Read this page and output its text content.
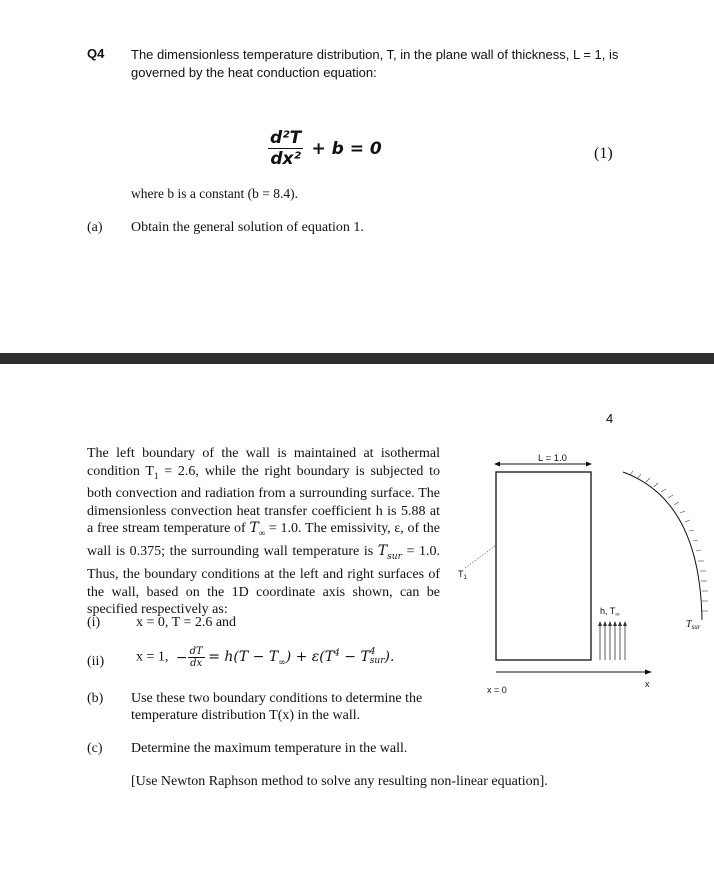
Q4 The dimensionless temperature distribution, T, in the plane wall of thickness, L = 1, is governed by the heat conduction equation:
$\frac{\text{d²T}}{\text{dx²}} + b = 0$	(1)
where b is a constant (b = 8.4).
(a) Obtain the general solution of equation 1.
4
The left boundary of the wall is maintained at isothermal condition $T_1 = 2.6$, while the right boundary is subjected to both convection and radiation from a surrounding surface. The dimensionless convection heat transfer coefficient h is 5.88 at a free stream temperature of $T_\infty = 1.0$. The emissivity, ε, of the wall is 0.375; the surrounding wall temperature is $T_{sur} = 1.0$. Thus, the boundary conditions at the left and right surfaces of the wall, based on the 1D coordinate axis shown, can be specified respectively as:
(i)	x = 0, T = 2.6 and
(ii) x = 1, − $\frac{dT}{dx} = h(T - T_\infty) + \varepsilon(T^4 - T$ 4
sur ).
(b) Use these two boundary conditions to determine the
temperature distribution T(x) in the wall.
(c) Determine the maximum temperature in the wall.
[Use Newton Raphson method to solve any resulting non-linear equation].
L = 1.0
$T_1$
h, $T_\infty$
$T_{sur}$
x
x = 0
